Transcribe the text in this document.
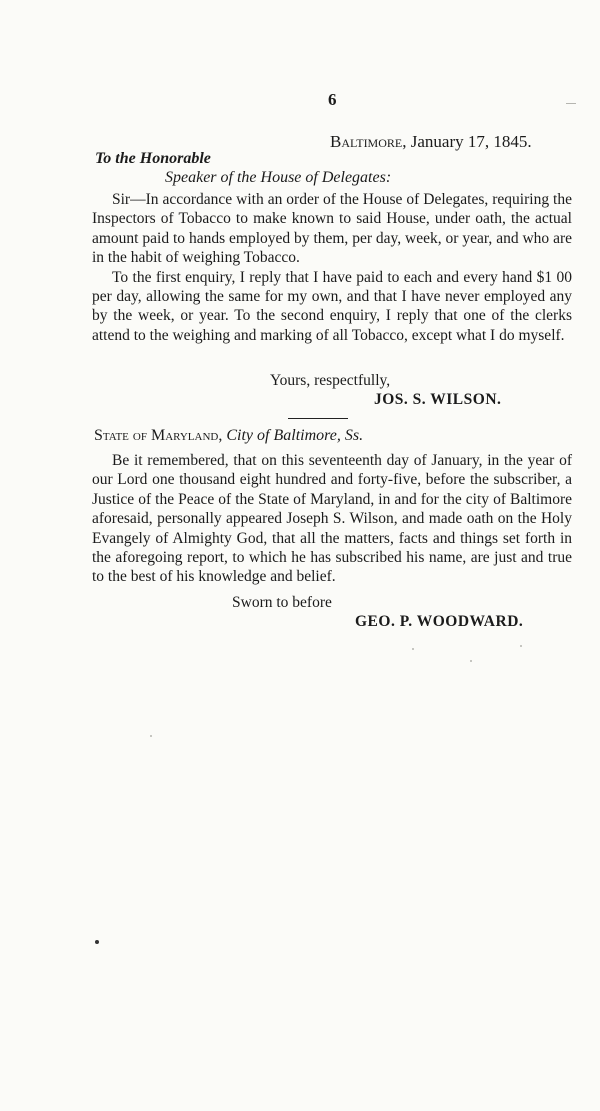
6
Baltimore, January 17, 1845.
To the Honorable
Speaker of the House of Delegates:

Sir—In accordance with an order of the House of Delegates, requiring the Inspectors of Tobacco to make known to said House, under oath, the actual amount paid to hands employed by them, per day, week, or year, and who are in the habit of weighing Tobacco.

To the first enquiry, I reply that I have paid to each and every hand $1 00 per day, allowing the same for my own, and that I have never employed any by the week, or year. To the second enquiry, I reply that one of the clerks attend to the weighing and marking of all Tobacco, except what I do myself.

Yours, respectfully,
JOS. S. WILSON.
State of Maryland, City of Baltimore, Ss.

Be it remembered, that on this seventeenth day of January, in the year of our Lord one thousand eight hundred and forty-five, before the subscriber, a Justice of the Peace of the State of Maryland, in and for the city of Baltimore aforesaid, personally appeared Joseph S. Wilson, and made oath on the Holy Evangely of Almighty God, that all the matters, facts and things set forth in the aforegoing report, to which he has subscribed his name, are just and true to the best of his knowledge and belief.

Sworn to before
GEO. P. WOODWARD.
